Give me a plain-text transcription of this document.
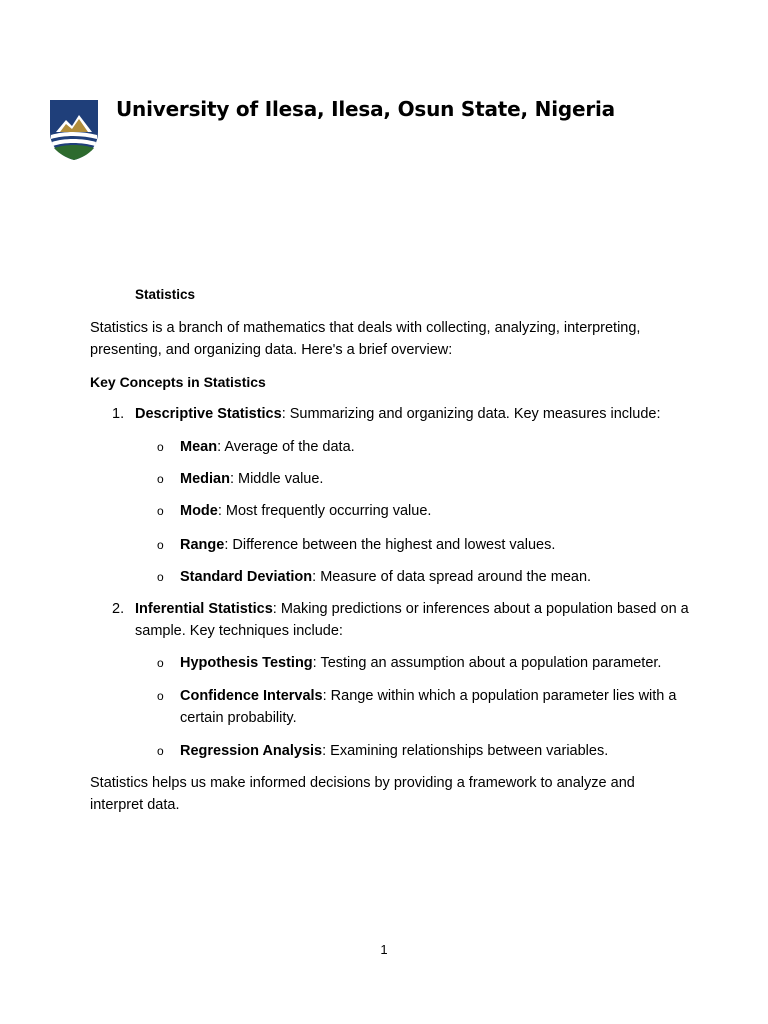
University of Ilesa, Ilesa, Osun State, Nigeria
Statistics

Statistics is a branch of mathematics that deals with collecting, analyzing, interpreting, presenting, and organizing data. Here's a brief overview:

Key Concepts in Statistics

1. Descriptive Statistics: Summarizing and organizing data. Key measures include:
o Mean: Average of the data.
o Median: Middle value.
o Mode: Most frequently occurring value.
o Range: Difference between the highest and lowest values.
o Standard Deviation: Measure of data spread around the mean.
2. Inferential Statistics: Making predictions or inferences about a population based on a sample. Key techniques include:
o Hypothesis Testing: Testing an assumption about a population parameter.
o Confidence Intervals: Range within which a population parameter lies with a certain probability.
o Regression Analysis: Examining relationships between variables.

Statistics helps us make informed decisions by providing a framework to analyze and interpret data.

1
